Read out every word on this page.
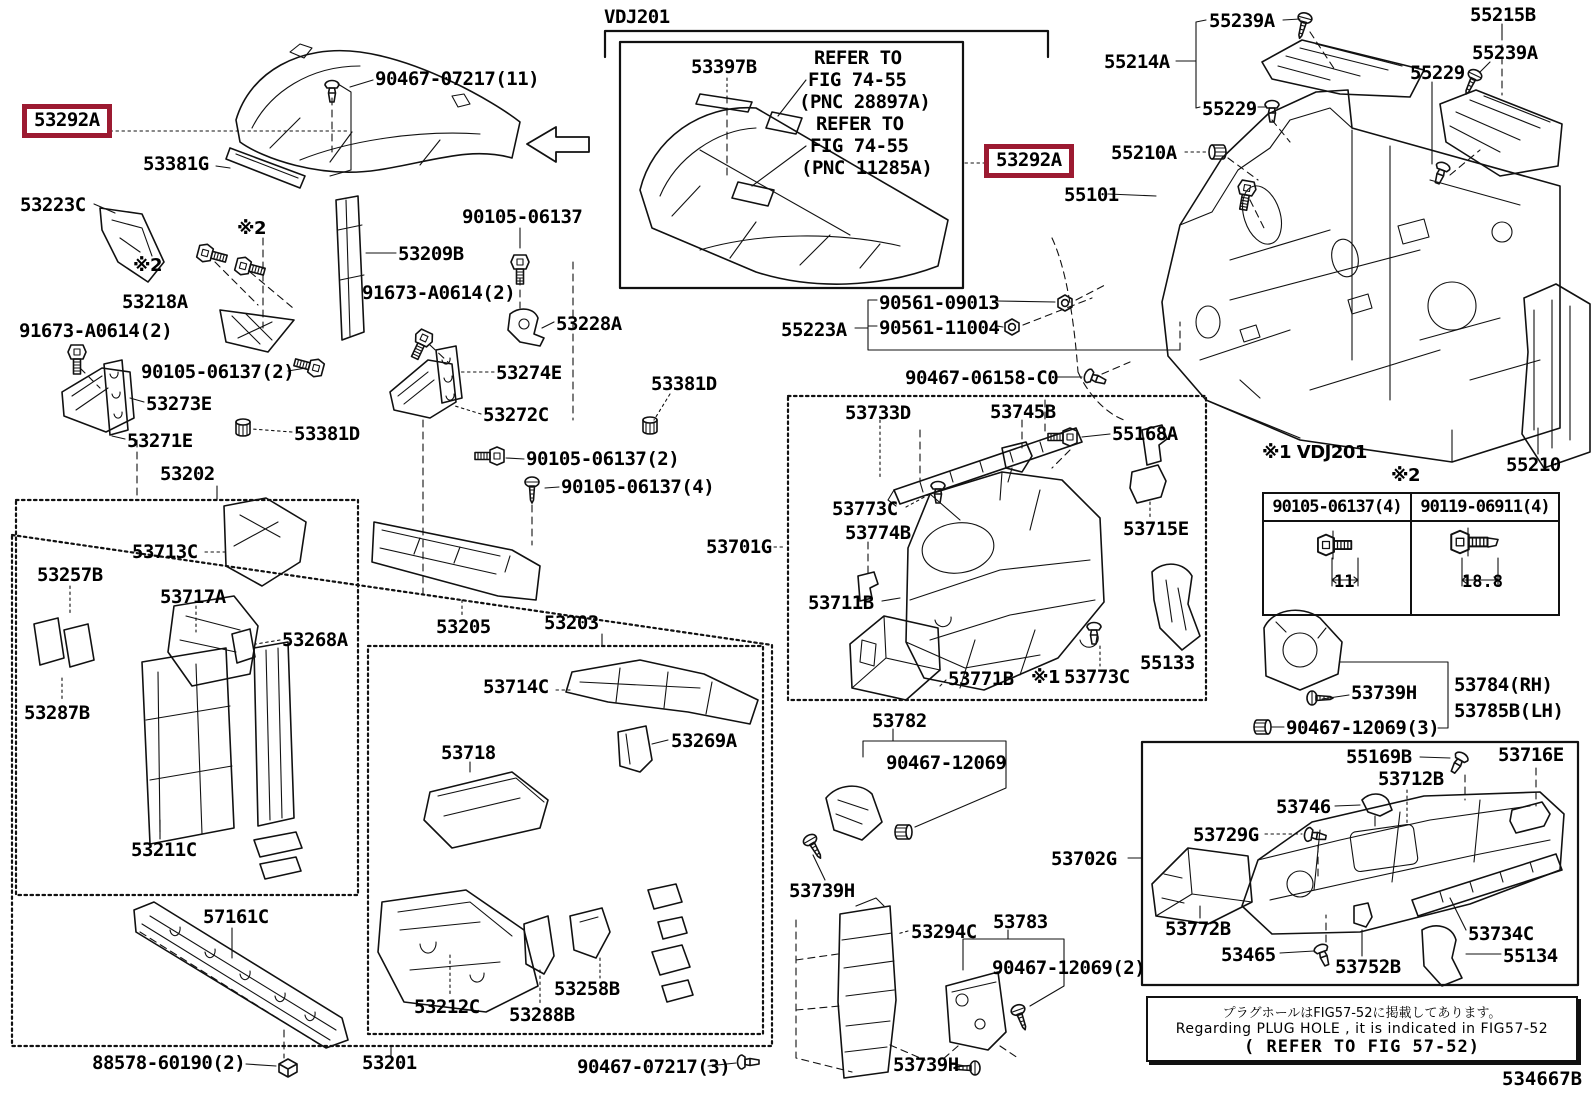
90467-07217(11)
53292A
53381G
53223C
※2
※2
90105-06137
53209B
91673-A0614(2)
53218A
91673-A0614(2)
90105-06137(2)
53273E
53271E	53381D
53202
53228A
53274E
53272C
53381D
90105-06137(2)
90105-06137(4)
53701G
53257B
53713C
53717A
53268A
53287B
53211C
57161C
88578-60190(2)	53201
53205	53203
53714C
53718
53269A
53212C 53288B
53258B
90467-07217(3)
53733D	53745B
55168A
53773C
53774B	53715E
53711B
53771B ※1 53773C
55133
53782
90467-12069
53739H
53294C 53783
90467-12069(2)
53739H
55214A
55239A	55215B
55239A
55229
55229
55210A
53292A
55101
55223A
90561-09013
90561-11004
90467-06158-C0
55210
※1 VDJ201
※2
53784(RH)
53785B(LH)
53739H
90467-12069(3)
55169B	53716E
53712B
53746
53729G
53702G
53772B
53465
53752B
53734C
55134
VDJ201
53397B	REFER TO
FIG 74-55
(PNC 28897A)
REFER TO
FIG 74-55
(PNC 11285A)
90105-06137(4)	90119-06911(4)
11	18.8
プラグホールはFIG57-52に掲載してあります。
Regarding PLUG HOLE , it is indicated in FIG57-52
( REFER TO FIG 57-52)
534667B
